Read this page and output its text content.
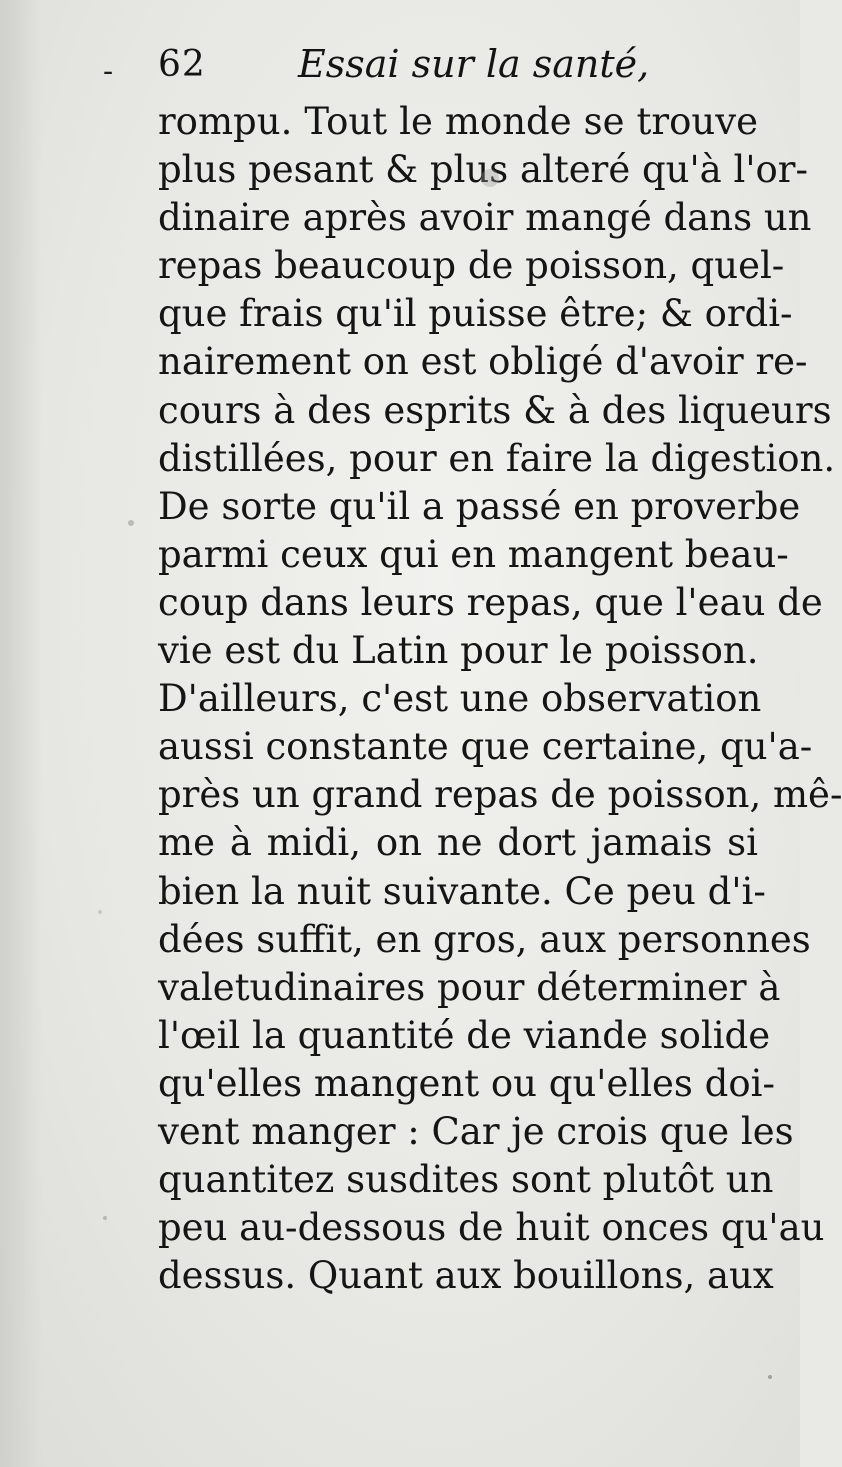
- 62 Essai sur la santé,
rompu. Tout le monde se trouve
plus pesant & plus alteré qu'à l'or-
dinaire après avoir mangé dans un
repas beaucoup de poisson, quel-
que frais qu'il puisse être; & ordi-
nairement on est obligé d'avoir re-
cours à des esprits & à des liqueurs
distillées, pour en faire la digestion.
De sorte qu'il a passé en proverbe
parmi ceux qui en mangent beau-
coup dans leurs repas, que l'eau de
vie est du Latin pour le poisson.
D'ailleurs, c'est une observation
aussi constante que certaine, qu'a-
près un grand repas de poisson, mê-
me à midi, on ne dort jamais si
bien la nuit suivante. Ce peu d'i-
dées suffit, en gros, aux personnes
valetudinaires pour déterminer à
l'œil la quantité de viande solide
qu'elles mangent ou qu'elles doi-
vent manger : Car je crois que les
quantitez susdites sont plutôt un
peu au-dessous de huit onces qu'au
dessus. Quant aux bouillons, aux
